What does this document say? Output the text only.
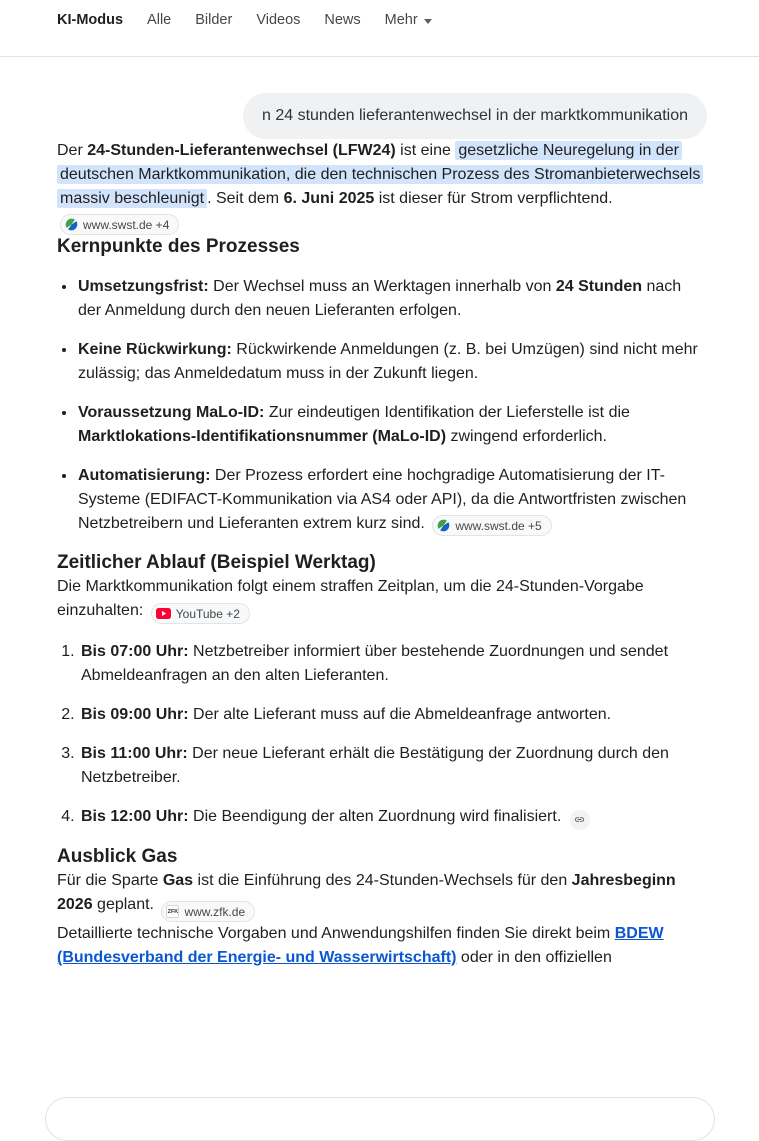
KI-Modus Alle Bilder Videos News Mehr
n 24 stunden lieferantenwechsel in der marktkommunikation

Der 24-Stunden-Lieferantenwechsel (LFW24) ist eine gesetzliche Neuregelung in der deutschen Marktkommunikation, die den technischen Prozess des Stromanbieterwechsels massiv beschleunigt . Seit dem 6. Juni 2025 ist dieser für Strom verpflichtend.
www.swst.de +4

Kernpunkte des Prozesses
• Umsetzungsfrist: Der Wechsel muss an Werktagen innerhalb von 24 Stunden nach der Anmeldung durch den neuen Lieferanten erfolgen.
• Keine Rückwirkung: Rückwirkende Anmeldungen (z. B. bei Umzügen) sind nicht mehr zulässig; das Anmeldedatum muss in der Zukunft liegen.
• Voraussetzung MaLo-ID: Zur eindeutigen Identifikation der Lieferstelle ist die Marktlokations-Identifikationsnummer (MaLo-ID) zwingend erforderlich.
• Automatisierung: Der Prozess erfordert eine hochgradige Automatisierung der IT-Systeme (EDIFACT-Kommunikation via AS4 oder API), da die Antwortfristen zwischen Netzbetreibern und Lieferanten extrem kurz sind.	www.swst.de +5
Zeitlicher Ablauf (Beispiel Werktag)

Die Marktkommunikation folgt einem straffen Zeitplan, um die 24-Stunden-Vorgabe einzuhalten:	YouTube +2

1. Bis 07:00 Uhr: Netzbetreiber informiert über bestehende Zuordnungen und sendet Abmeldeanfragen an den alten Lieferanten.
2. Bis 09:00 Uhr: Der alte Lieferant muss auf die Abmeldeanfrage antworten.
3. Bis 11:00 Uhr: Der neue Lieferant erhält die Bestätigung der Zuordnung durch den Netzbetreiber.
4. Bis 12:00 Uhr: Die Beendigung der alten Zuordnung wird finalisiert.
Ausblick Gas

Für die Sparte Gas ist die Einführung des 24-Stunden-Wechsels für den Jahresbeginn 2026 geplant. ZFK www.zfk.de

Detaillierte technische Vorgaben und Anwendungshilfen finden Sie direkt beim BDEW (Bundesverband der Energie- und Wasserwirtschaft) oder in den offiziellen
